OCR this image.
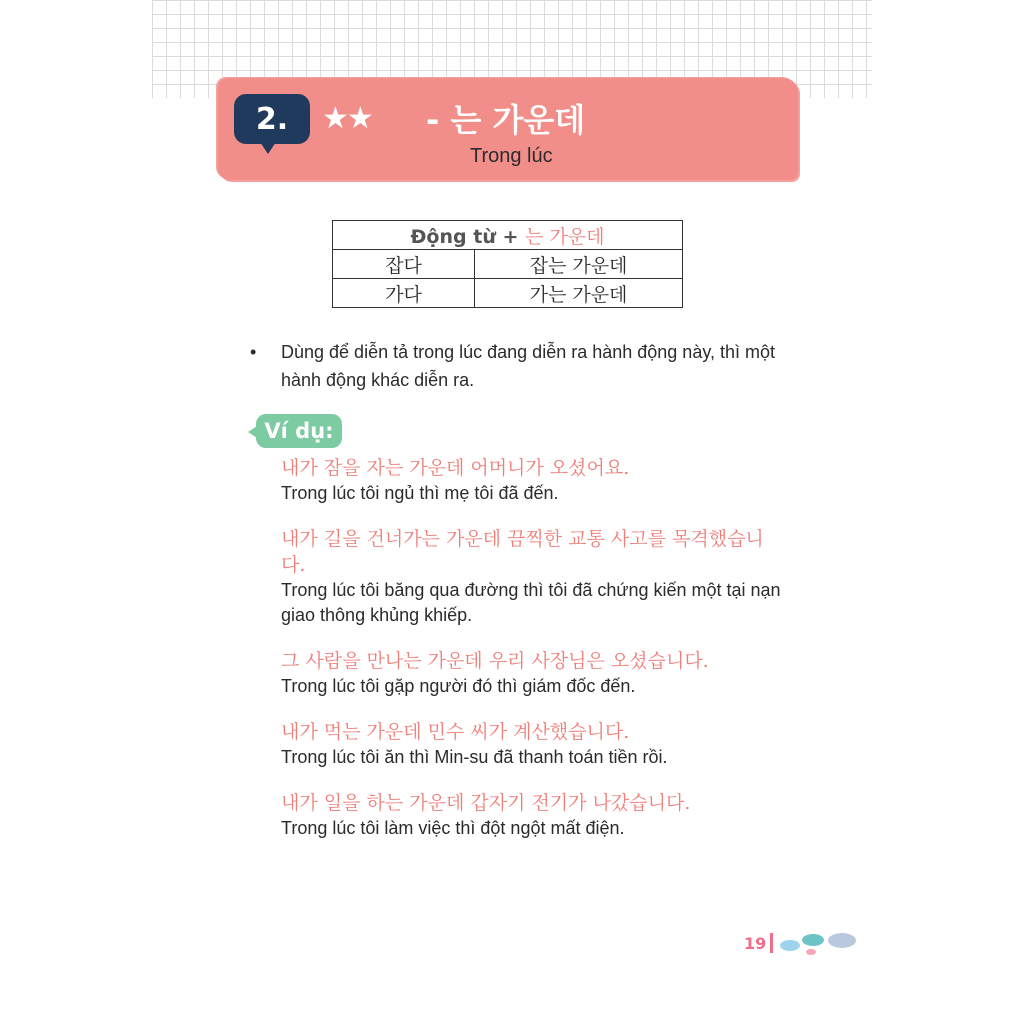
2. ★★ - 는 가운데
Trong lúc
Động từ + 는 가운데	
잡다	잡는 가운데
가다	가는 가운데
• Dùng để diễn tả trong lúc đang diễn ra hành động này, thì một hành động khác diễn ra.
Ví dụ:
내가 잠을 자는 가운데 어머니가 오셨어요.
Trong lúc tôi ngủ thì mẹ tôi đã đến.
내가 길을 건너가는 가운데 끔찍한 교통 사고를 목격했습니다.
Trong lúc tôi băng qua đường thì tôi đã chứng kiến một tại nạn giao thông khủng khiếp.
그 사람을 만나는 가운데 우리 사장님은 오셨습니다.
Trong lúc tôi gặp người đó thì giám đốc đến.
내가 먹는 가운데 민수 씨가 계산했습니다.
Trong lúc tôi ăn thì Min-su đã thanh toán tiền rồi.
내가 일을 하는 가운데 갑자기 전기가 나갔습니다.
Trong lúc tôi làm việc thì đột ngột mất điện.
19
